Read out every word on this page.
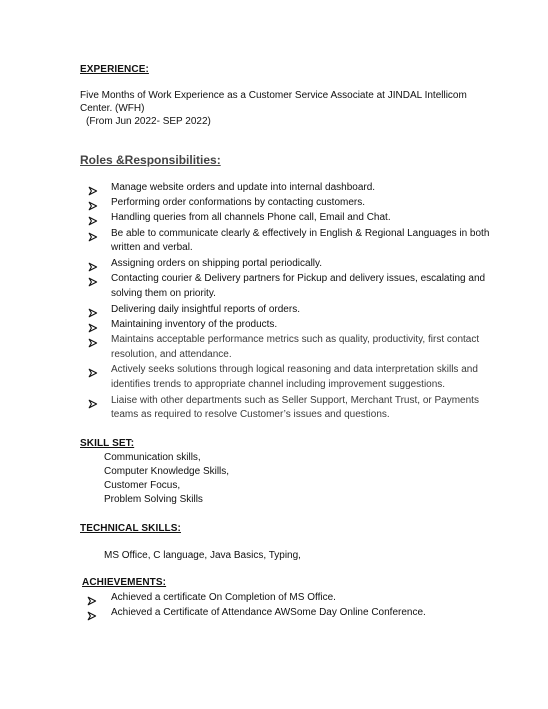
EXPERIENCE:
Five Months of Work Experience as a Customer Service Associate at JINDAL Intellicom
Center. (WFH)
(From Jun 2022- SEP 2022)
Roles &Responsibilities:
Manage website orders and update into internal dashboard.
Performing order conformations by contacting customers.
Handling queries from all channels Phone call, Email and Chat.
Be able to communicate clearly & effectively in English & Regional Languages in both
written and verbal.
Assigning orders on shipping portal periodically.
Contacting courier & Delivery partners for Pickup and delivery issues, escalating and
solving them on priority.
Delivering daily insightful reports of orders.
Maintaining inventory of the products.
Maintains acceptable performance metrics such as quality, productivity, first contact
resolution, and attendance.
Actively seeks solutions through logical reasoning and data interpretation skills and
identifies trends to appropriate channel including improvement suggestions.
Liaise with other departments such as Seller Support, Merchant Trust, or Payments
teams as required to resolve Customer’s issues and questions.
SKILL SET:
Communication skills,
Computer Knowledge Skills,
Customer Focus,
Problem Solving Skills
TECHNICAL SKILLS:
MS Office, C language, Java Basics, Typing,
ACHIEVEMENTS:
Achieved a certificate On Completion of MS Office.
Achieved a Certificate of Attendance AWSome Day Online Conference.
